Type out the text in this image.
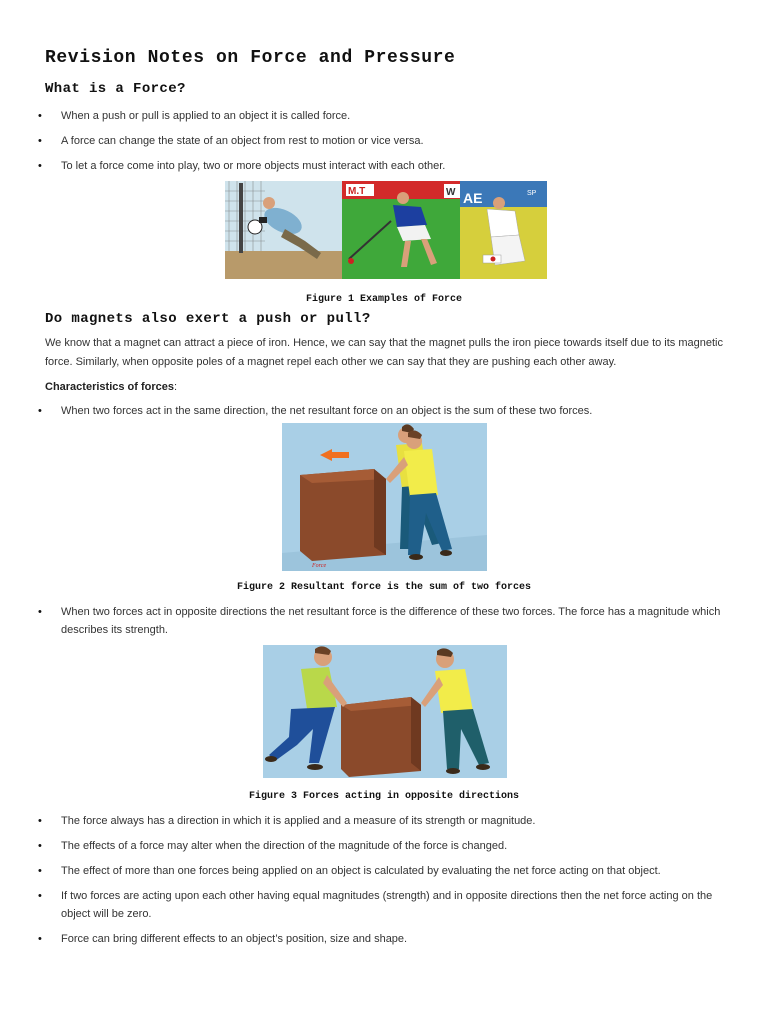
Revision Notes on Force and Pressure
What is a Force?
• When a push or pull is applied to an object it is called force.
• A force can change the state of an object from rest to motion or vice versa.
• To let a force come into play, two or more objects must interact with each other.
M.T	W AE	SP

Figure 1 Examples of Force

Do magnets also exert a push or pull?

We know that a magnet can attract a piece of iron. Hence, we can say that the magnet pulls the iron piece towards itself due to its magnetic force. Similarly, when opposite poles of a magnet repel each other we can say that they are pushing each other away.

Characteristics of forces:

• When two forces act in the same direction, the net resultant force on an object is the sum of these two forces.
Force

Figure 2 Resultant force is the sum of two forces

• When two forces act in opposite directions the net resultant force is the difference of these two forces. The force has a magnitude which describes its strength.

Figure 3 Forces acting in opposite directions

• The force always has a direction in which it is applied and a measure of its strength or magnitude.
• The effects of a force may alter when the direction of the magnitude of the force is changed.
• The effect of more than one forces being applied on an object is calculated by evaluating the net force acting on that object.
• If two forces are acting upon each other having equal magnitudes (strength) and in opposite directions then the net force acting on the object will be zero.
• Force can bring different effects to an object’s position, size and shape.
